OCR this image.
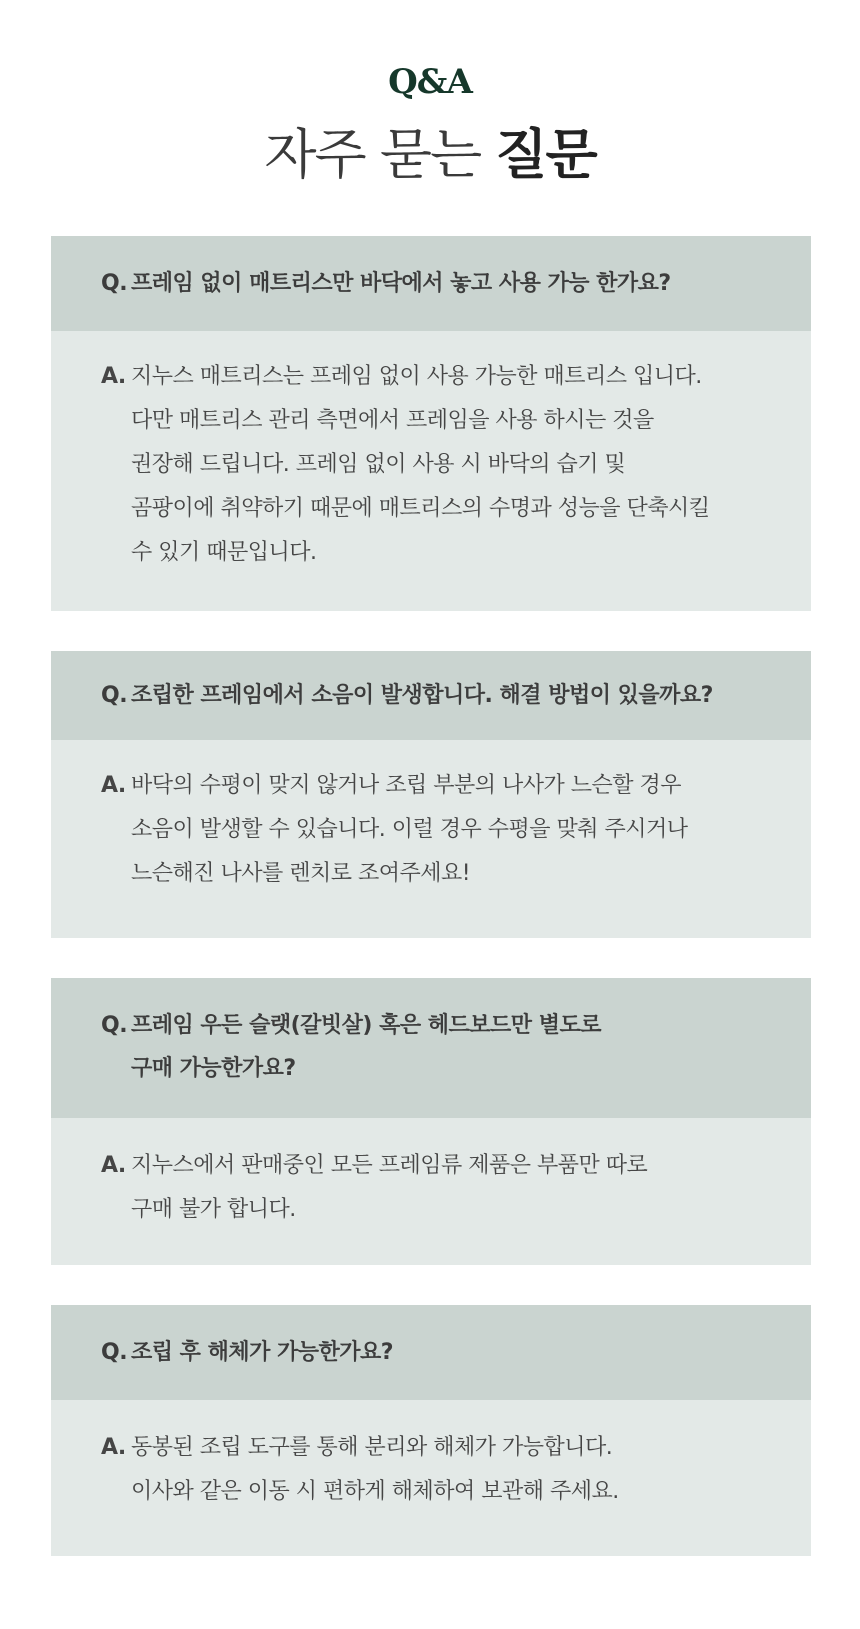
Q&A
자주 묻는 질문
Q. 프레임 없이 매트리스만 바닥에서 놓고 사용 가능 한가요?
A. 지누스 매트리스는 프레임 없이 사용 가능한 매트리스 입니다.
다만 매트리스 관리 측면에서 프레임을 사용 하시는 것을
권장해 드립니다. 프레임 없이 사용 시 바닥의 습기 및
곰팡이에 취약하기 때문에 매트리스의 수명과 성능을 단축시킬
수 있기 때문입니다.
Q. 조립한 프레임에서 소음이 발생합니다. 해결 방법이 있을까요?
A. 바닥의 수평이 맞지 않거나 조립 부분의 나사가 느슨할 경우
소음이 발생할 수 있습니다. 이럴 경우 수평을 맞춰 주시거나
느슨해진 나사를 렌치로 조여주세요!
Q. 프레임 우든 슬랫(갈빗살) 혹은 헤드보드만 별도로
구매 가능한가요?
A. 지누스에서 판매중인 모든 프레임류 제품은 부품만 따로
구매 불가 합니다.
Q. 조립 후 해체가 가능한가요?
A. 동봉된 조립 도구를 통해 분리와 해체가 가능합니다.
이사와 같은 이동 시 편하게 해체하여 보관해 주세요.
